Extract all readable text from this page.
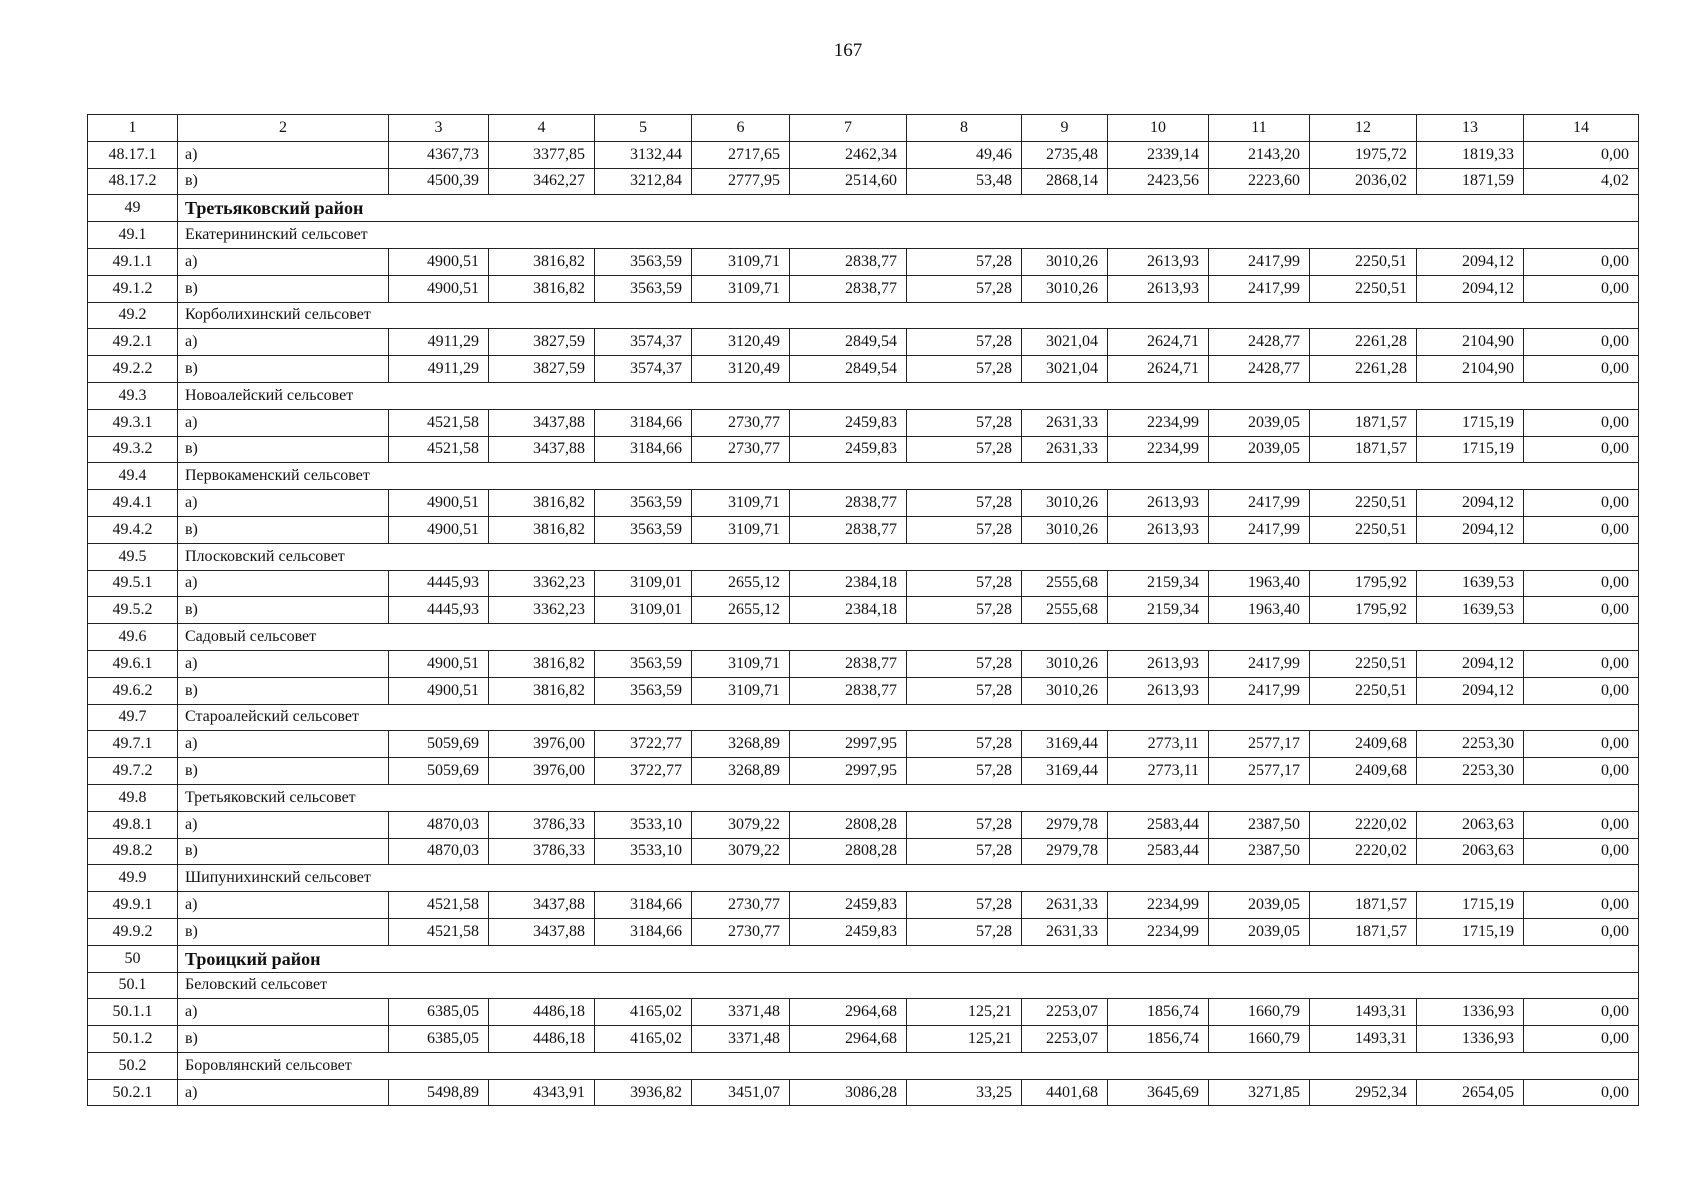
167
1	2	3	4	5	6	7	8	9	10	11	12	13	14
48.17.1	а)	4367,73	3377,85	3132,44	2717,65	2462,34	49,46	2735,48	2339,14	2143,20	1975,72	1819,33	0,00
48.17.2	в)	4500,39	3462,27	3212,84	2777,95	2514,60	53,48	2868,14	2423,56	2223,60	2036,02	1871,59	4,02
49	Третьяковский район												
49.1	Екатерининский сельсовет												
49.1.1	а)	4900,51	3816,82	3563,59	3109,71	2838,77	57,28	3010,26	2613,93	2417,99	2250,51	2094,12	0,00
49.1.2	в)	4900,51	3816,82	3563,59	3109,71	2838,77	57,28	3010,26	2613,93	2417,99	2250,51	2094,12	0,00
49.2	Корболихинский сельсовет												
49.2.1	а)	4911,29	3827,59	3574,37	3120,49	2849,54	57,28	3021,04	2624,71	2428,77	2261,28	2104,90	0,00
49.2.2	в)	4911,29	3827,59	3574,37	3120,49	2849,54	57,28	3021,04	2624,71	2428,77	2261,28	2104,90	0,00
49.3	Новоалейский сельсовет												
49.3.1	а)	4521,58	3437,88	3184,66	2730,77	2459,83	57,28	2631,33	2234,99	2039,05	1871,57	1715,19	0,00
49.3.2	в)	4521,58	3437,88	3184,66	2730,77	2459,83	57,28	2631,33	2234,99	2039,05	1871,57	1715,19	0,00
49.4	Первокаменский сельсовет												
49.4.1	а)	4900,51	3816,82	3563,59	3109,71	2838,77	57,28	3010,26	2613,93	2417,99	2250,51	2094,12	0,00
49.4.2	в)	4900,51	3816,82	3563,59	3109,71	2838,77	57,28	3010,26	2613,93	2417,99	2250,51	2094,12	0,00
49.5	Плосковский сельсовет												
49.5.1	а)	4445,93	3362,23	3109,01	2655,12	2384,18	57,28	2555,68	2159,34	1963,40	1795,92	1639,53	0,00
49.5.2	в)	4445,93	3362,23	3109,01	2655,12	2384,18	57,28	2555,68	2159,34	1963,40	1795,92	1639,53	0,00
49.6	Садовый сельсовет												
49.6.1	а)	4900,51	3816,82	3563,59	3109,71	2838,77	57,28	3010,26	2613,93	2417,99	2250,51	2094,12	0,00
49.6.2	в)	4900,51	3816,82	3563,59	3109,71	2838,77	57,28	3010,26	2613,93	2417,99	2250,51	2094,12	0,00
49.7	Староалейский сельсовет												
49.7.1	а)	5059,69	3976,00	3722,77	3268,89	2997,95	57,28	3169,44	2773,11	2577,17	2409,68	2253,30	0,00
49.7.2	в)	5059,69	3976,00	3722,77	3268,89	2997,95	57,28	3169,44	2773,11	2577,17	2409,68	2253,30	0,00
49.8	Третьяковский сельсовет												
49.8.1	а)	4870,03	3786,33	3533,10	3079,22	2808,28	57,28	2979,78	2583,44	2387,50	2220,02	2063,63	0,00
49.8.2	в)	4870,03	3786,33	3533,10	3079,22	2808,28	57,28	2979,78	2583,44	2387,50	2220,02	2063,63	0,00
49.9	Шипунихинский сельсовет												
49.9.1	а)	4521,58	3437,88	3184,66	2730,77	2459,83	57,28	2631,33	2234,99	2039,05	1871,57	1715,19	0,00
49.9.2	в)	4521,58	3437,88	3184,66	2730,77	2459,83	57,28	2631,33	2234,99	2039,05	1871,57	1715,19	0,00
50	Троицкий район												
50.1	Беловский сельсовет												
50.1.1	а)	6385,05	4486,18	4165,02	3371,48	2964,68	125,21	2253,07	1856,74	1660,79	1493,31	1336,93	0,00
50.1.2	в)	6385,05	4486,18	4165,02	3371,48	2964,68	125,21	2253,07	1856,74	1660,79	1493,31	1336,93	0,00
50.2	Боровлянский сельсовет												
50.2.1	а)	5498,89	4343,91	3936,82	3451,07	3086,28	33,25	4401,68	3645,69	3271,85	2952,34	2654,05	0,00
